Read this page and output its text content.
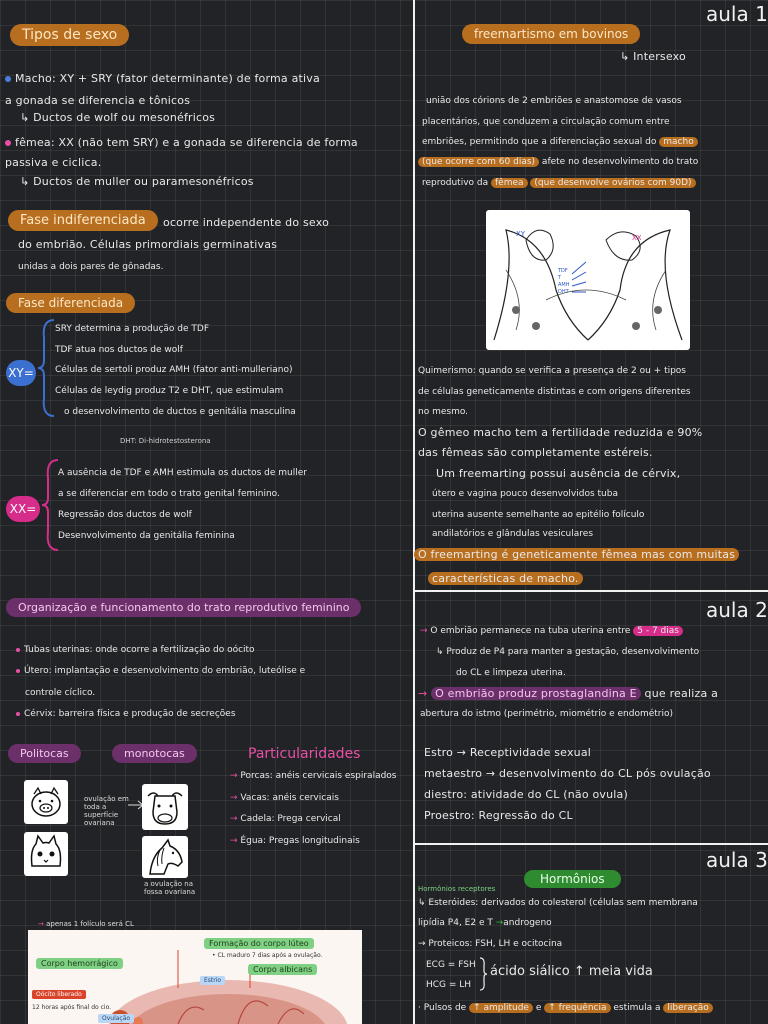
Tipos de sexo
Macho: XY + SRY (fator determinante) de forma ativa
a gonada se diferencia e tônicos
↳ Ductos de wolf ou mesonéfricos
fêmea: XX (não tem SRY) e a gonada se diferencia de forma
passiva e ciclica.
↳ Ductos de muller ou paramesonéfricos
Fase indiferenciada	ocorre independente do sexo
do embrião. Células primordiais germinativas
unidas a dois pares de gônadas.
Fase diferenciada
XY=
SRY determina a produção de TDF
TDF atua nos ductos de wolf
Células de sertoli produz AMH (fator anti-mulleriano)
Células de leydig produz T2 e DHT, que estimulam
o desenvolvimento de ductos e genitália masculina
DHT: Di-hidrotestosterona
XX=
A ausência de TDF e AMH estimula os ductos de muller
a se diferenciar em todo o trato genital feminino.
Regressão dos ductos de wolf
Desenvolvimento da genitália feminina
Organização e funcionamento do trato reprodutivo feminino
Tubas uterinas: onde ocorre a fertilização do oócito
Útero: implantação e desenvolvimento do embrião, luteólise e
controle cíclico.
Cérvix: barreira física e produção de secreções
Politocas	monotocas	Particularidades
→ Porcas: anéis cervicais espiralados
→ Vacas: anéis cervicais
→ Cadela: Prega cervical
→ Égua: Pregas longitudinais
ovulação em toda a superfície ovariana
a ovulação na fossa ovariana
→ apenas 1 folículo será CL
Formação do corpo lúteo
• CL maduro 7 dias após a ovulação.
Corpo hemorrágico
Corpo albicans
Estrio
Oócito liberado
12 horas após final do cio.
Ovulação
aula 1
freemartismo em bovinos
↳ Intersexo
união dos córions de 2 embriões e anastomose de vasos
placentários, que conduzem a circulação comum entre
embriões, permitindo que a diferenciação sexual do macho
(que ocorre com 60 dias) afete no desenvolvimento do trato
reprodutivo da fêmea (que desenvolve ovários com 90D)
XY	XX
TDF
T
AMH
DHT
Quimerismo: quando se verifica a presença de 2 ou + tipos
de células geneticamente distintas e com origens diferentes
no mesmo.
O gêmeo macho tem a fertilidade reduzida e 90%
das fêmeas são completamente estéreis.
Um freemarting possui ausência de cérvix,
útero e vagina pouco desenvolvidos tuba
uterina ausente semelhante ao epitélio folículo
andilatórios e glândulas vesiculares
O freemarting é geneticamente fêmea mas com muitas
características de macho.
aula 2
→ O embrião permanece na tuba uterina entre 5 - 7 dias
↳ Produz de P4 para manter a gestação, desenvolvimento
do CL e limpeza uterina.
→ O embrião produz prostaglandina E que realiza a
abertura do istmo (perimétrio, miométrio e endométrio)
Estro → Receptividade sexual
metaestro → desenvolvimento do CL pós ovulação
diestro: atividade do CL (não ovula)
Proestro: Regressão do CL
aula 3
Hormônios
Hormônios receptores
↳ Esteróides: derivados do colesterol (células sem membrana
lipídia P4, E2 e T →androgeno
→ Proteicos: FSH, LH e ocitocina
ECG = FSH
HCG = LH
ácido siálico ↑ meia vida
· Pulsos de ↑ amplitude e ↑ frequência estimula a liberação
